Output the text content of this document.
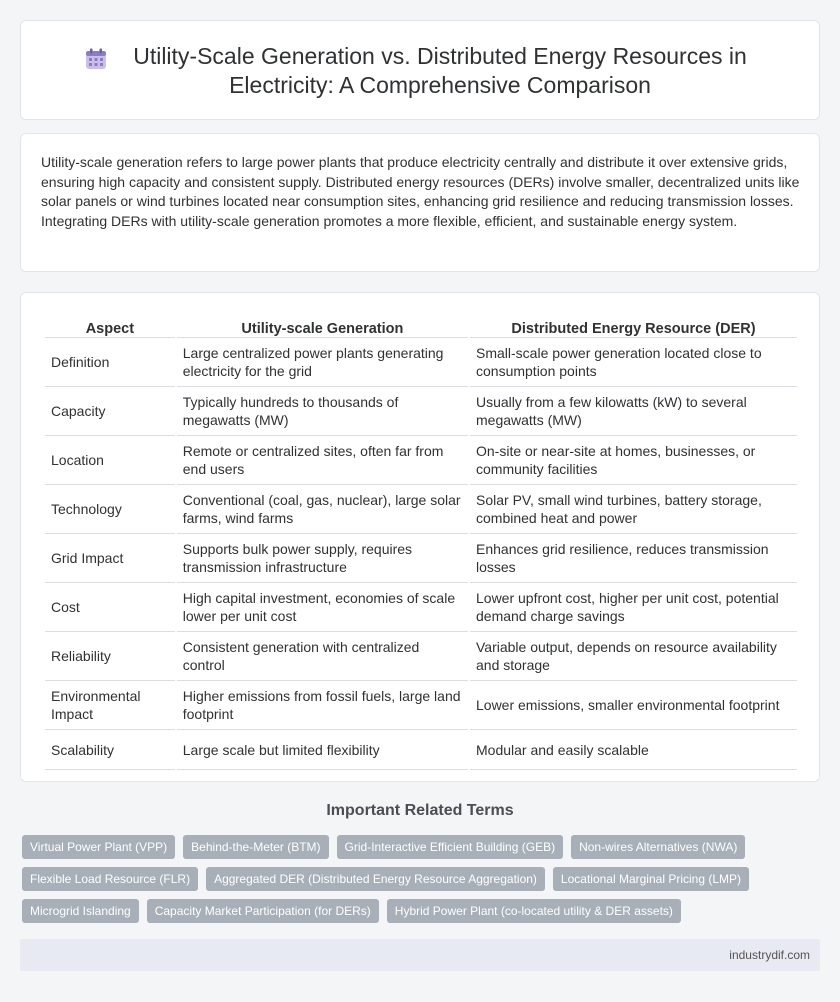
Utility-Scale Generation vs. Distributed Energy Resources in Electricity: A Comprehensive Comparison

Utility-scale generation refers to large power plants that produce electricity centrally and distribute it over extensive grids, ensuring high capacity and consistent supply. Distributed energy resources (DERs) involve smaller, decentralized units like solar panels or wind turbines located near consumption sites, enhancing grid resilience and reducing transmission losses. Integrating DERs with utility-scale generation promotes a more flexible, efficient, and sustainable energy system.

Aspect	Utility-scale Generation	Distributed Energy Resource (DER)
Definition	Large centralized power plants generating electricity for the grid	Small-scale power generation located close to consumption points
Capacity	Typically hundreds to thousands of megawatts (MW)	Usually from a few kilowatts (kW) to several megawatts (MW)
Location	Remote or centralized sites, often far from end users	On-site or near-site at homes, businesses, or community facilities
Technology	Conventional (coal, gas, nuclear), large solar farms, wind farms	Solar PV, small wind turbines, battery storage, combined heat and power
Grid Impact	Supports bulk power supply, requires transmission infrastructure	Enhances grid resilience, reduces transmission losses
Cost	High capital investment, economies of scale lower per unit cost	Lower upfront cost, higher per unit cost, potential demand charge savings
Reliability	Consistent generation with centralized control	Variable output, depends on resource availability and storage
Environmental Impact	Higher emissions from fossil fuels, large land footprint	Lower emissions, smaller environmental footprint
Scalability	Large scale but limited flexibility	Modular and easily scalable
Important Related Terms
Virtual Power Plant (VPP)	Behind-the-Meter (BTM)	Grid-Interactive Efficient Building (GEB)	Non-wires Alternatives (NWA)
Flexible Load Resource (FLR)	Aggregated DER (Distributed Energy Resource Aggregation)	Locational Marginal Pricing (LMP)
Microgrid Islanding	Capacity Market Participation (for DERs)	Hybrid Power Plant (co-located utility & DER assets)
industrydif.com
